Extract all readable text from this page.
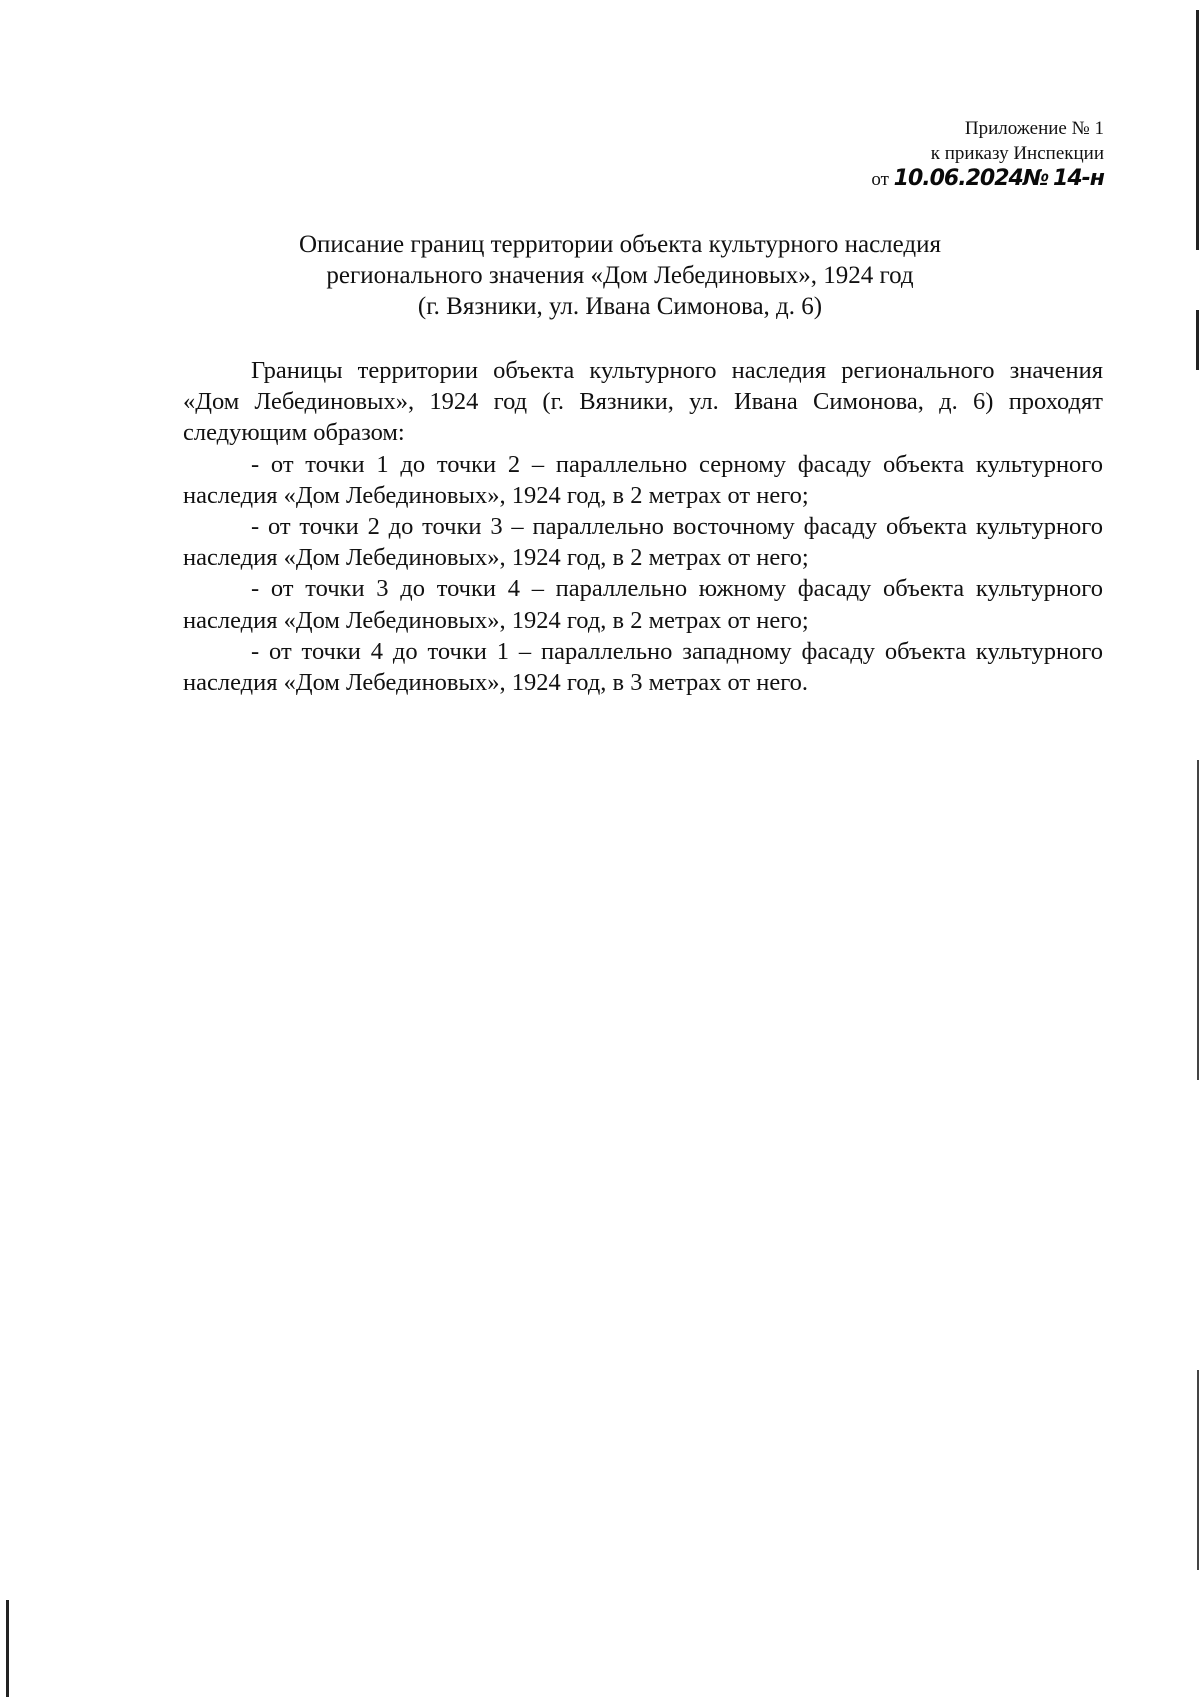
Приложение № 1
к приказу Инспекции
от 10.06.2024№ 14-н
Описание границ территории объекта культурного наследия
регионального значения «Дом Лебединовых», 1924 год
(г. Вязники, ул. Ивана Симонова, д. 6)

Границы территории объекта культурного наследия регионального значения «Дом Лебединовых», 1924 год (г. Вязники, ул. Ивана Симонова, д. 6) проходят следующим образом:

- от точки 1 до точки 2 – параллельно серному фасаду объекта культурного наследия «Дом Лебединовых», 1924 год, в 2 метрах от него;

- от точки 2 до точки 3 – параллельно восточному фасаду объекта культурного наследия «Дом Лебединовых», 1924 год, в 2 метрах от него;

- от точки 3 до точки 4 – параллельно южному фасаду объекта культурного наследия «Дом Лебединовых», 1924 год, в 2 метрах от него;

- от точки 4 до точки 1 – параллельно западному фасаду объекта культурного наследия «Дом Лебединовых», 1924 год, в 3 метрах от него.
